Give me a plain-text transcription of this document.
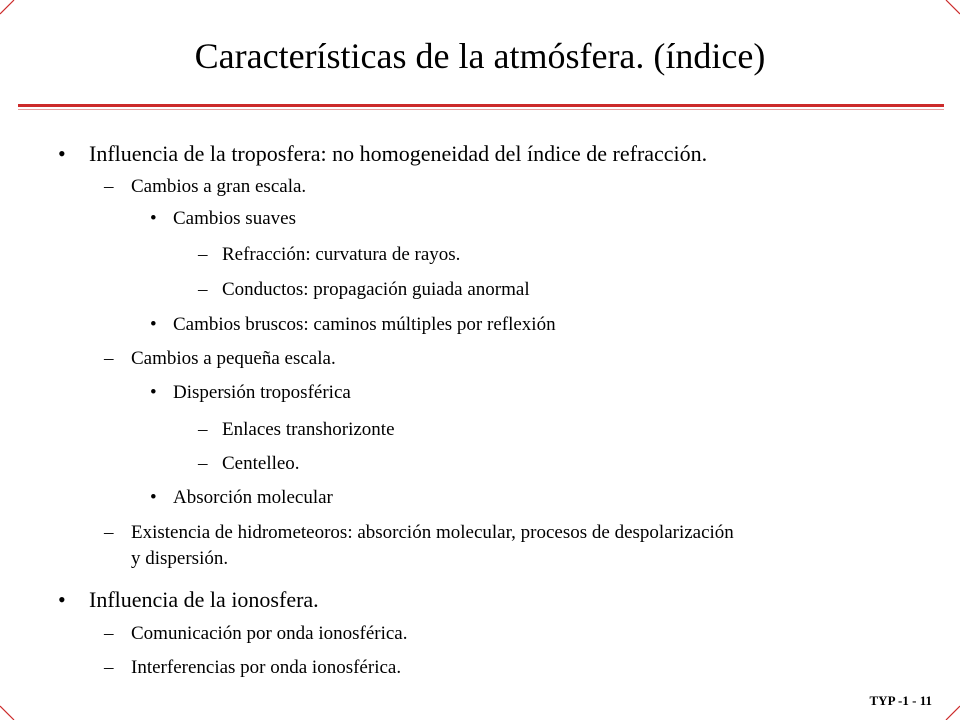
Características de la atmósfera. (índice)
• Influencia de la troposfera: no homogeneidad del índice de refracción.
– Cambios a gran escala.
• Cambios suaves
– Refracción: curvatura de rayos.
– Conductos: propagación guiada anormal
• Cambios bruscos: caminos múltiples por reflexión
– Cambios a pequeña escala.
• Dispersión troposférica
– Enlaces transhorizonte
– Centelleo.
• Absorción molecular
– Existencia de hidrometeoros: absorción molecular, procesos de despolarización
y dispersión.
• Influencia de la ionosfera.
– Comunicación por onda ionosférica.
– Interferencias por onda ionosférica.
TYP -1 - 11
